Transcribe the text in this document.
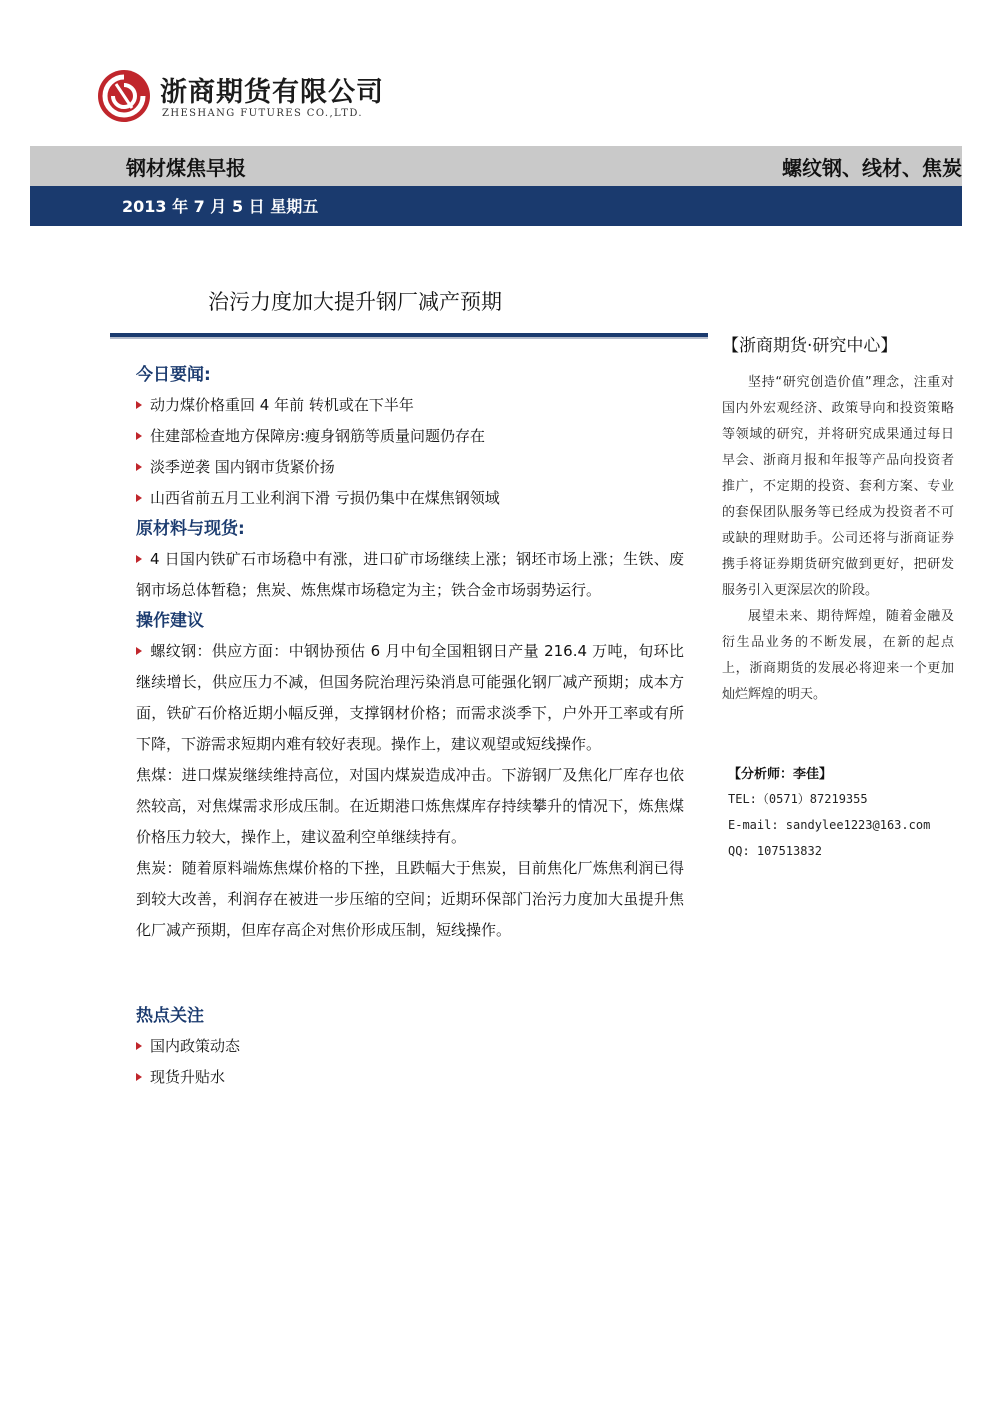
浙商期货有限公司
ZHESHANG FUTURES CO.,LTD.
钢材煤焦早报	螺纹钢、线材、焦炭
2013 年 7 月 5 日 星期五
治污力度加大提升钢厂减产预期
今日要闻:
动力煤价格重回 4 年前 转机或在下半年
住建部检查地方保障房:瘦身钢筋等质量问题仍存在
淡季逆袭 国内钢市货紧价扬
山西省前五月工业利润下滑 亏损仍集中在煤焦钢领域
原材料与现货:

4 日国内铁矿石市场稳中有涨，进口矿市场继续上涨；钢坯市场上涨；生铁、废钢市场总体暂稳；焦炭、炼焦煤市场稳定为主；铁合金市场弱势运行。

操作建议

螺纹钢：供应方面：中钢协预估 6 月中旬全国粗钢日产量 216.4 万吨，旬环比继续增长，供应压力不减，但国务院治理污染消息可能强化钢厂减产预期；成本方面，铁矿石价格近期小幅反弹，支撑钢材价格；而需求淡季下，户外开工率或有所下降，下游需求短期内难有较好表现。操作上，建议观望或短线操作。

焦煤：进口煤炭继续维持高位，对国内煤炭造成冲击。下游钢厂及焦化厂库存也依然较高，对焦煤需求形成压制。在近期港口炼焦煤库存持续攀升的情况下，炼焦煤价格压力较大，操作上，建议盈利空单继续持有。

焦炭：随着原料端炼焦煤价格的下挫，且跌幅大于焦炭，目前焦化厂炼焦利润已得到较大改善，利润存在被进一步压缩的空间；近期环保部门治污力度加大虽提升焦化厂减产预期，但库存高企对焦价形成压制，短线操作。

热点关注
国内政策动态
现货升贴水
【浙商期货·研究中心】

坚持“研究创造价值”理念，注重对国内外宏观经济、政策导向和投资策略等领域的研究，并将研究成果通过每日早会、浙商月报和年报等产品向投资者推广，不定期的投资、套利方案、专业的套保团队服务等已经成为投资者不可或缺的理财助手。公司还将与浙商证券携手将证券期货研究做到更好，把研发服务引入更深层次的阶段。

展望未来、期待辉煌，随着金融及衍生品业务的不断发展，在新的起点上，浙商期货的发展必将迎来一个更加灿烂辉煌的明天。

【分析师：李佳】
TEL:（0571）87219355
E-mail: sandylee1223@163.com
QQ: 107513832
